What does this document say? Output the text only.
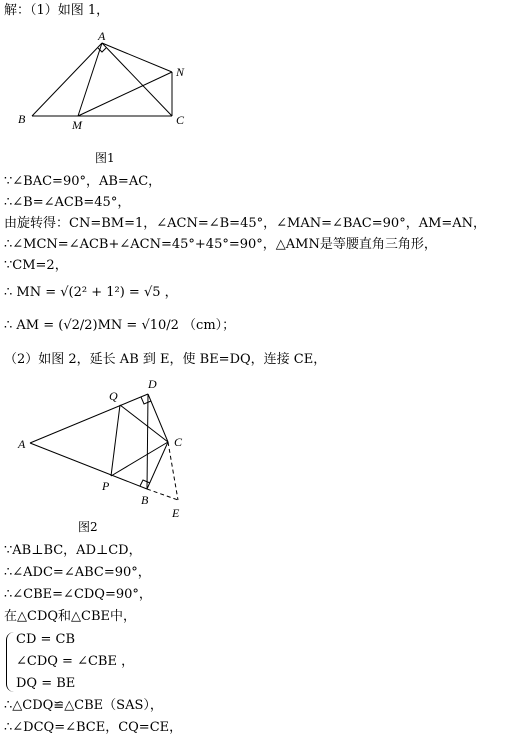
解：（1）如图 1，
A
B	M	C
N
图1
∵∠BAC=90°，AB=AC，
∴∠B=∠ACB=45°，
由旋转得：CN=BM=1，∠ACN=∠B=45°，∠MAN=∠BAC=90°，AM=AN，
∴∠MCN=∠ACB+∠ACN=45°+45°=90°，△AMN是等腰直角三角形，
∵CM=2，
∴ MN = √(2² + 1²) = √5 ，
∴ AM = (√2/2)MN = √10/2 （cm）；
（2）如图 2，延长 AB 到 E，使 BE=DQ，连接 CE，
A
Q
D
C
P
B
E
图2
∵AB⊥BC，AD⊥CD，
∴∠ADC=∠ABC=90°，
∴∠CBE=∠CDQ=90°，
在△CDQ和△CBE中，
CD = CB
∠CDQ = ∠CBE ，
DQ = BE
∴△CDQ≌△CBE（SAS），
∴∠DCQ=∠BCE，CQ=CE，
